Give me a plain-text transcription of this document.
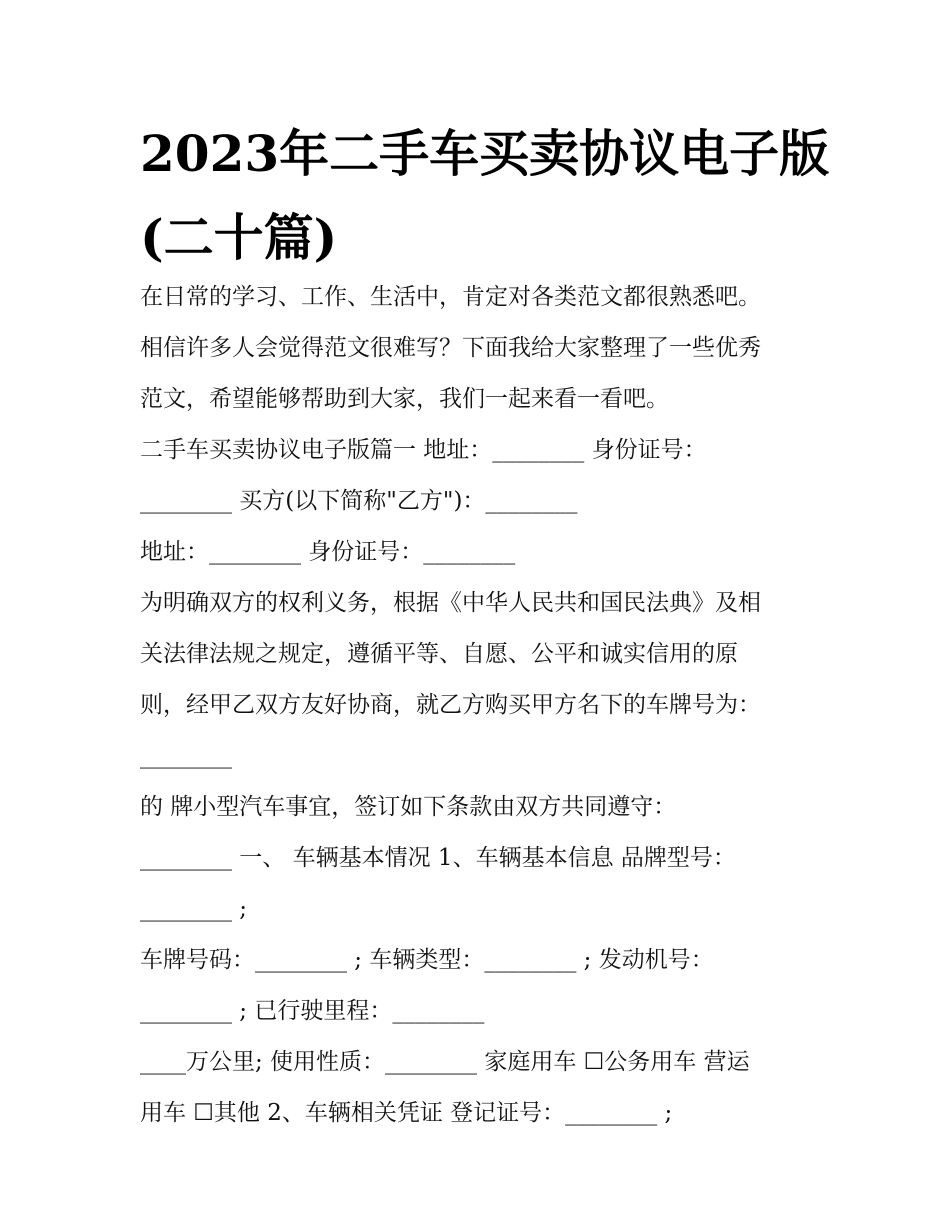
2023年二手车买卖协议电子版
(二十篇)
在日常的学习、工作、生活中，肯定对各类范文都很熟悉吧。
相信许多人会觉得范文很难写？下面我给大家整理了一些优秀
范文，希望能够帮助到大家，我们一起来看一看吧。
二手车买卖协议电子版篇一 地址：________ 身份证号：
________ 买方(以下简称"乙方")：________
地址：________ 身份证号：________
为明确双方的权利义务，根据《中华人民共和国民法典》及相
关法律法规之规定，遵循平等、自愿、公平和诚实信用的原
则，经甲乙双方友好协商，就乙方购买甲方名下的车牌号为：
________
的 牌小型汽车事宜，签订如下条款由双方共同遵守：
________ 一、 车辆基本情况 1、车辆基本信息 品牌型号：
________ ;
车牌号码：________ ; 车辆类型：________ ; 发动机号：
________ ; 已行驶里程：________
____万公里; 使用性质：________ 家庭用车 ☐公务用车 营运
用车 ☐其他 2、车辆相关凭证 登记证号：________ ;
